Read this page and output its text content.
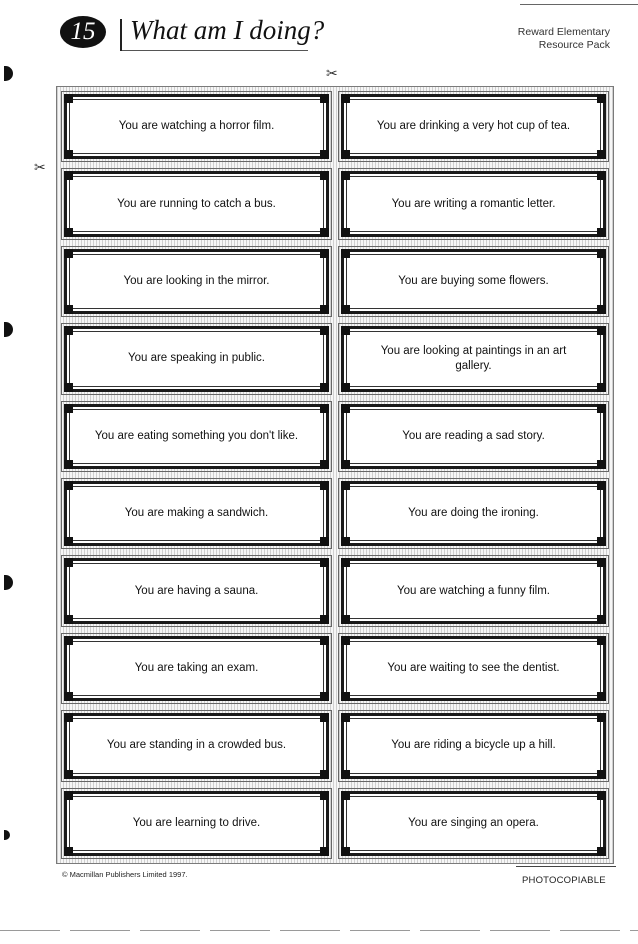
15 What am I doing?	Reward Elementary
Resource Pack
✂
✂
You are watching a horror film.	You are drinking a very hot cup of tea.
You are running to catch a bus.	You are writing a romantic letter.
You are looking in the mirror.	You are buying some flowers.
You are speaking in public.
You are looking at paintings in an art gallery.
You are eating something you don't like.	You are reading a sad story.
You are making a sandwich.	You are doing the ironing.
You are having a sauna.	You are watching a funny film.
You are taking an exam.	You are waiting to see the dentist.
You are standing in a crowded bus.	You are riding a bicycle up a hill.
You are learning to drive.	You are singing an opera.
© Macmillan Publishers Limited 1997.
PHOTOCOPIABLE
